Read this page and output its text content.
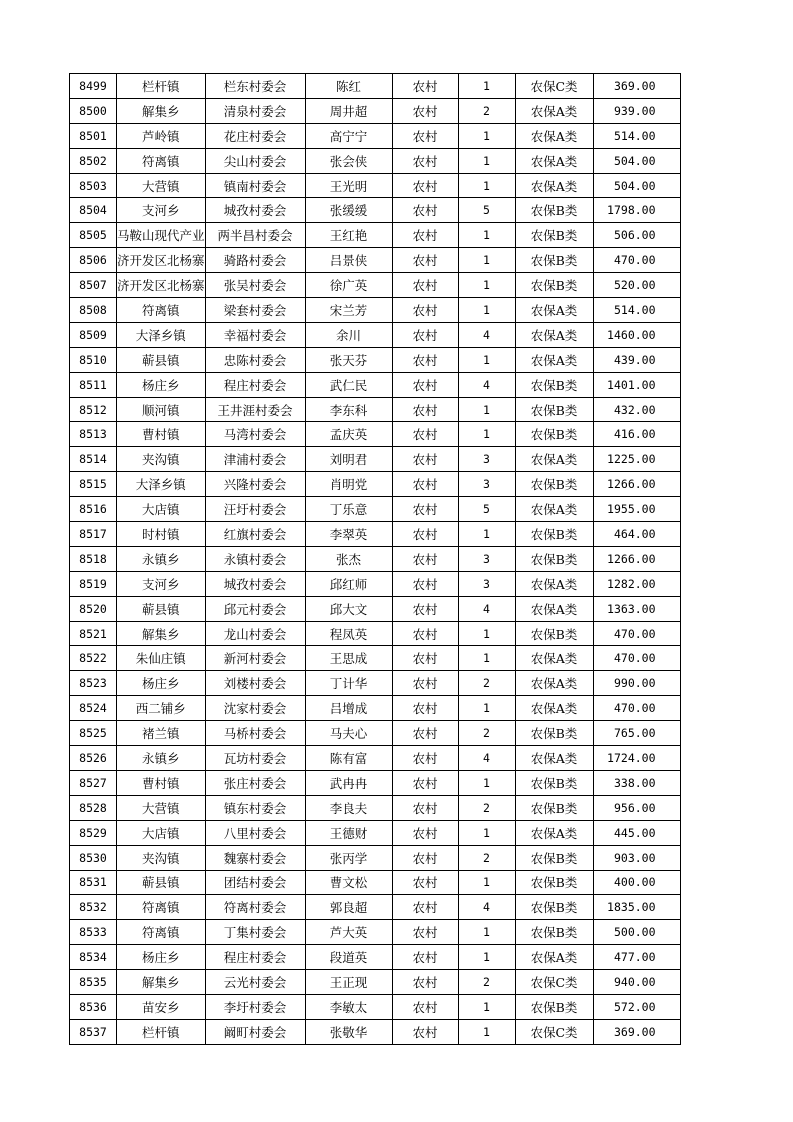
8499	栏杆镇	栏东村委会	陈红	农村	1	农保C类	369.00
8500	解集乡	清泉村委会	周井超	农村	2	农保A类	939.00
8501	芦岭镇	花庄村委会	高宁宁	农村	1	农保A类	514.00
8502	符离镇	尖山村委会	张会侠	农村	1	农保A类	504.00
8503	大营镇	镇南村委会	王光明	农村	1	农保A类	504.00
8504	支河乡	城孜村委会	张缓缓	农村	5	农保B类	1798.00
8505	马鞍山现代产业	两半昌村委会	王红艳	农村	1	农保B类	506.00
8506	济开发区北杨寨	骑路村委会	吕景侠	农村	1	农保B类	470.00
8507	济开发区北杨寨	张吴村委会	徐广英	农村	1	农保B类	520.00
8508	符离镇	梁套村委会	宋兰芳	农村	1	农保A类	514.00
8509	大泽乡镇	幸福村委会	余川	农村	4	农保A类	1460.00
8510	蕲县镇	忠陈村委会	张天芬	农村	1	农保A类	439.00
8511	杨庄乡	程庄村委会	武仁民	农村	4	农保B类	1401.00
8512	顺河镇	王井涯村委会	李东科	农村	1	农保B类	432.00
8513	曹村镇	马湾村委会	孟庆英	农村	1	农保B类	416.00
8514	夹沟镇	津浦村委会	刘明君	农村	3	农保A类	1225.00
8515	大泽乡镇	兴隆村委会	肖明党	农村	3	农保B类	1266.00
8516	大店镇	汪圩村委会	丁乐意	农村	5	农保A类	1955.00
8517	时村镇	红旗村委会	李翠英	农村	1	农保B类	464.00
8518	永镇乡	永镇村委会	张杰	农村	3	农保B类	1266.00
8519	支河乡	城孜村委会	邱红师	农村	3	农保A类	1282.00
8520	蕲县镇	邱元村委会	邱大文	农村	4	农保A类	1363.00
8521	解集乡	龙山村委会	程凤英	农村	1	农保B类	470.00
8522	朱仙庄镇	新河村委会	王思成	农村	1	农保A类	470.00
8523	杨庄乡	刘楼村委会	丁计华	农村	2	农保A类	990.00
8524	西二铺乡	沈家村委会	吕增成	农村	1	农保A类	470.00
8525	褚兰镇	马桥村委会	马夫心	农村	2	农保B类	765.00
8526	永镇乡	瓦坊村委会	陈有富	农村	4	农保A类	1724.00
8527	曹村镇	张庄村委会	武冉冉	农村	1	农保B类	338.00
8528	大营镇	镇东村委会	李良夫	农村	2	农保B类	956.00
8529	大店镇	八里村委会	王德财	农村	1	农保A类	445.00
8530	夹沟镇	魏寨村委会	张丙学	农村	2	农保B类	903.00
8531	蕲县镇	团结村委会	曹文松	农村	1	农保B类	400.00
8532	符离镇	符离村委会	郭良超	农村	4	农保B类	1835.00
8533	符离镇	丁集村委会	芦大英	农村	1	农保B类	500.00
8534	杨庄乡	程庄村委会	段道英	农村	1	农保A类	477.00
8535	解集乡	云光村委会	王正现	农村	2	农保C类	940.00
8536	苗安乡	李圩村委会	李敏太	农村	1	农保B类	572.00
8537	栏杆镇	阚町村委会	张敬华	农村	1	农保C类	369.00
